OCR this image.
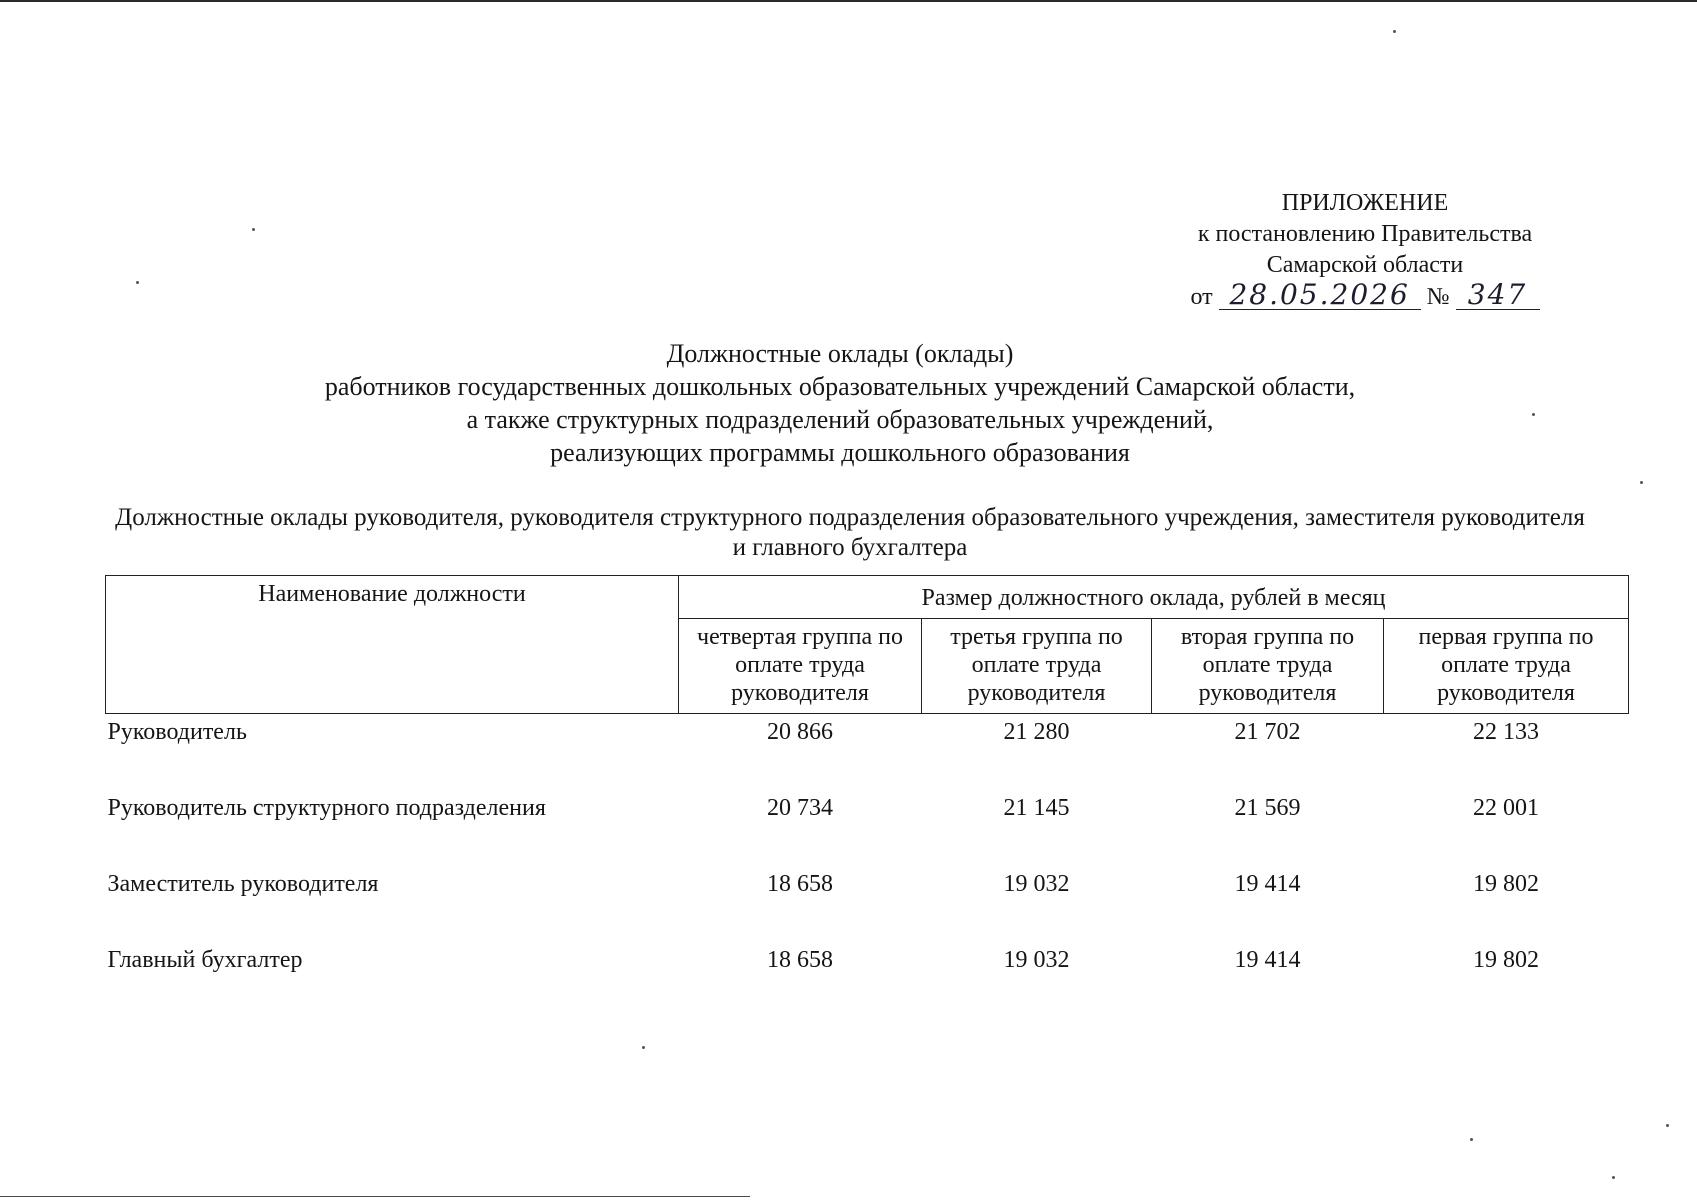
ПРИЛОЖЕНИЕ
к постановлению Правительства
Самарской области
от 28.05.2026 № 347
Должностные оклады (оклады)
работников государственных дошкольных образовательных учреждений Самарской области,
а также структурных подразделений образовательных учреждений,
реализующих программы дошкольного образования
Должностные оклады руководителя, руководителя структурного подразделения образовательного учреждения, заместителя руководителя и главного бухгалтера
Наименование должности	Размер должностного оклада, рублей в месяц			
	четвертая группа по оплате труда руководителя	третья группа по оплате труда руководителя	вторая группа по оплате труда руководителя	первая группа по оплате труда руководителя
Руководитель	20 866	21 280	21 702	22 133
Руководитель структурного подразделения	20 734	21 145	21 569	22 001
Заместитель руководителя	18 658	19 032	19 414	19 802
Главный бухгалтер	18 658	19 032	19 414	19 802
